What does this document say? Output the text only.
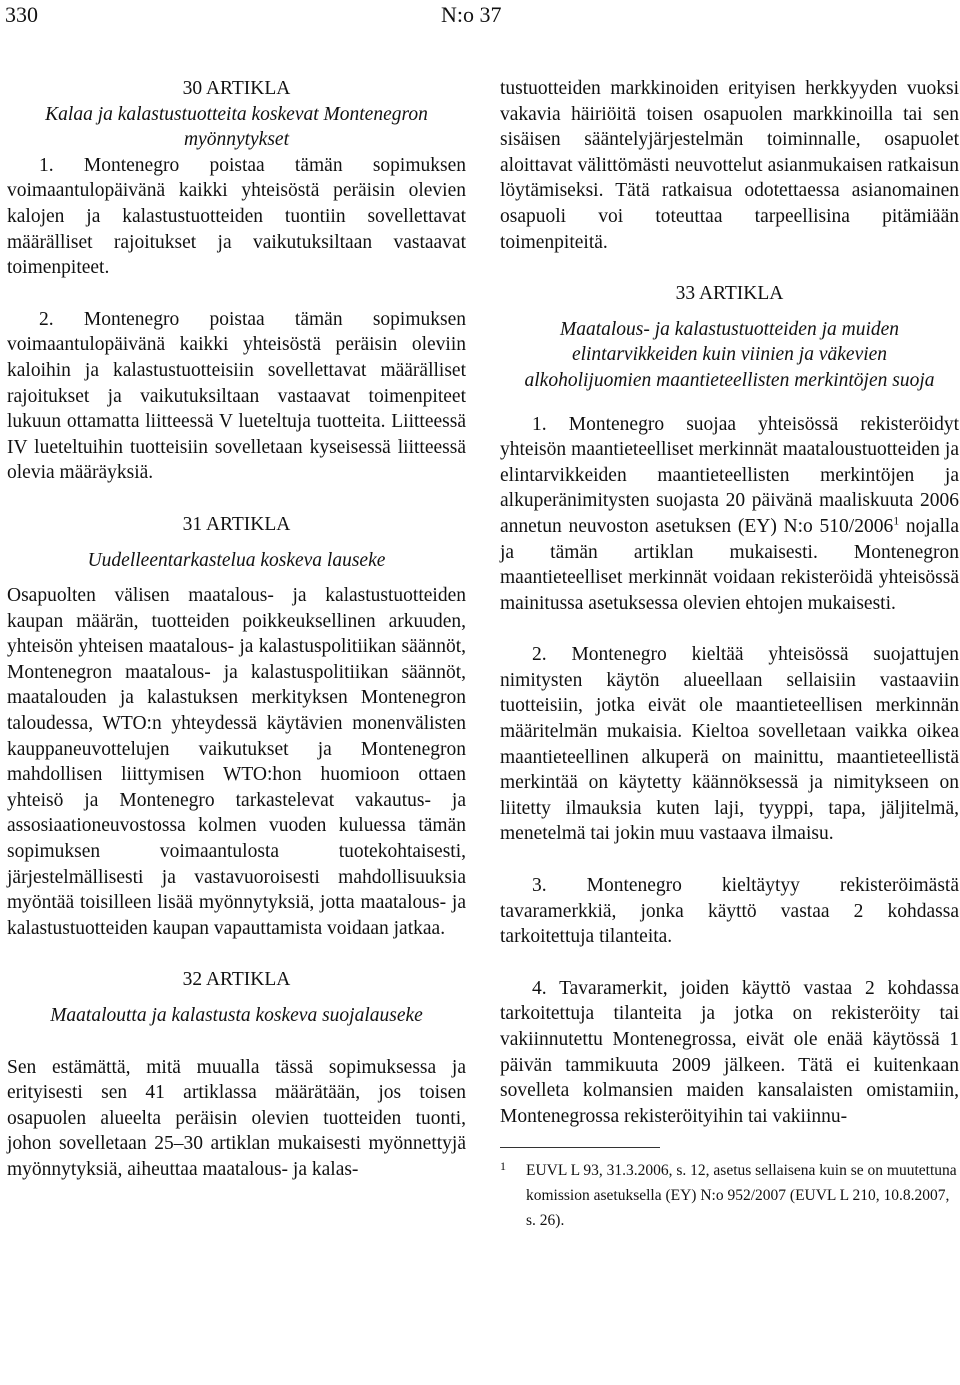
330	N:o 37

30 ARTIKLA

Kalaa ja kalastustuotteita koskevat Montenegron myönnytykset

1. Montenegro poistaa tämän sopimuksen voimaantulopäivänä kaikki yhteisöstä peräisin olevien kalojen ja kalastustuotteiden tuontiin sovellettavat määrälliset rajoitukset ja vaikutuksiltaan vastaavat toimenpiteet.

2. Montenegro poistaa tämän sopimuksen voimaantulopäivänä kaikki yhteisöstä peräisin oleviin kaloihin ja kalastustuotteisiin sovellettavat määrälliset rajoitukset ja vaikutuksiltaan vastaavat toimenpiteet lukuun ottamatta liitteessä V lueteltuja tuotteita. Liitteessä IV lueteltuihin tuotteisiin sovelletaan kyseisessä liitteessä olevia määräyksiä.

31 ARTIKLA

Uudelleentarkastelua koskeva lauseke

Osapuolten välisen maatalous- ja kalastustuotteiden kaupan määrän, tuotteiden poikkeuksellinen arkuuden, yhteisön yhteisen maatalous- ja kalastuspolitiikan säännöt, Montenegron maatalous- ja kalastuspolitiikan säännöt, maatalouden ja kalastuksen merkityksen Montenegron taloudessa, WTO:n yhteydessä käytävien monenvälisten kauppaneuvottelujen vaikutukset ja Montenegron mahdollisen liittymisen WTO:hon huomioon ottaen yhteisö ja Montenegro tarkastelevat vakautus- ja assosiaationeuvostossa kolmen vuoden kuluessa tämän sopimuksen voimaantulosta tuotekohtaisesti, järjestelmällisesti ja vastavuoroisesti mahdollisuuksia myöntää toisilleen lisää myönnytyksiä, jotta maatalous- ja kalastustuotteiden kaupan vapauttamista voidaan jatkaa.

32 ARTIKLA

Maataloutta ja kalastusta koskeva suojalauseke

Sen estämättä, mitä muualla tässä sopimuksessa ja erityisesti sen 41 artiklassa määrätään, jos toisen osapuolen alueelta peräisin olevien tuotteiden tuonti, johon sovelletaan 25–30 artiklan mukaisesti myönnettyjä myönnytyksiä, aiheuttaa maatalous- ja kalas-

tustuotteiden markkinoiden erityisen herkkyyden vuoksi vakavia häiriöitä toisen osapuolen markkinoilla tai sen sisäisen sääntelyjärjestelmän toiminnalle, osapuolet aloittavat välittömästi neuvottelut asianmukaisen ratkaisun löytämiseksi. Tätä ratkaisua odotettaessa asianomainen osapuoli voi toteuttaa tarpeellisina pitämiään toimenpiteitä.

33 ARTIKLA

Maatalous- ja kalastustuotteiden ja muiden elintarvikkeiden kuin viinien ja väkevien alkoholijuomien maantieteellisten merkintöjen suoja

1. Montenegro suojaa yhteisössä rekisteröidyt yhteisön maantieteelliset merkinnät maataloustuotteiden ja elintarvikkeiden maantieteellisten merkintöjen ja alkuperänimitysten suojasta 20 päivänä maaliskuuta 2006 annetun neuvoston asetuksen (EY) N:o 510/2006$^1$ nojalla ja tämän artiklan mukaisesti. Montenegron maantieteelliset merkinnät voidaan rekisteröidä yhteisössä mainitussa asetuksessa olevien ehtojen mukaisesti.

2. Montenegro kieltää yhteisössä suojattujen nimitysten käytön alueellaan sellaisiin vastaaviin tuotteisiin, jotka eivät ole maantieteellisen merkinnän määritelmän mukaisia. Kieltoa sovelletaan vaikka oikea maantieteellinen alkuperä on mainittu, maantieteellistä merkintää on käytetty käännöksessä ja nimitykseen on liitetty ilmauksia kuten laji, tyyppi, tapa, jäljitelmä, menetelmä tai jokin muu vastaava ilmaisu.

3. Montenegro kieltäytyy rekisteröimästä tavaramerkkiä, jonka käyttö vastaa 2 kohdassa tarkoitettuja tilanteita.

4. Tavaramerkit, joiden käyttö vastaa 2 kohdassa tarkoitettuja tilanteita ja jotka on rekisteröity tai vakiinnutettu Montenegrossa, eivät ole enää käytössä 1 päivän tammikuuta 2009 jälkeen. Tätä ei kuitenkaan sovelleta kolmansien maiden kansalaisten omistamiin, Montenegrossa rekisteröityihin tai vakiinnu-

1 EUVL L 93, 31.3.2006, s. 12, asetus sellaisena kuin se on muutettuna komission asetuksella (EY) N:o 952/2007 (EUVL L 210, 10.8.2007, s. 26).
